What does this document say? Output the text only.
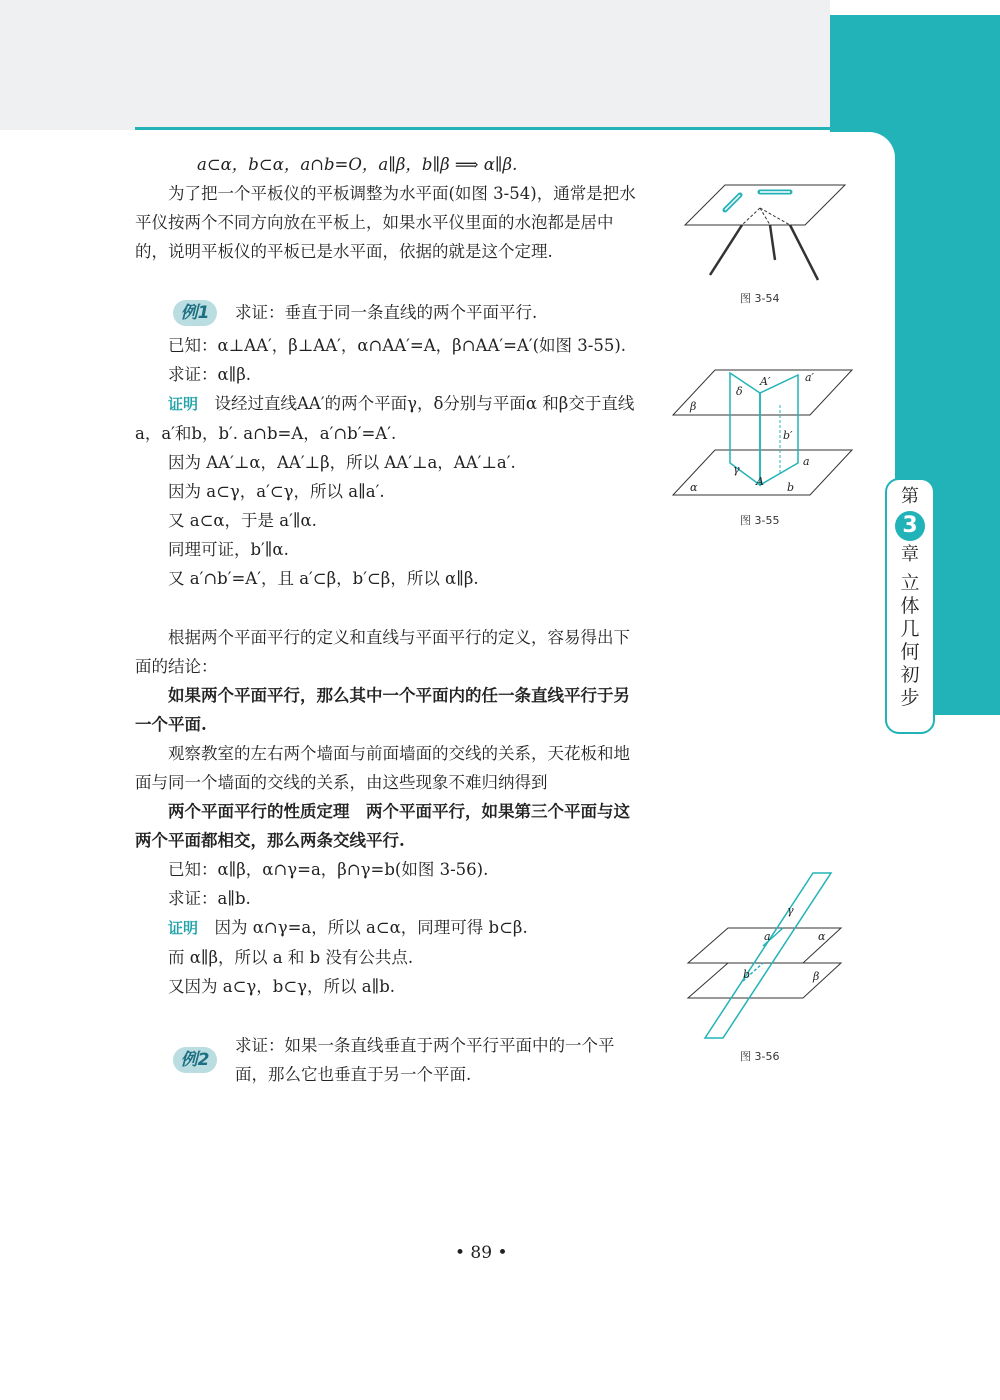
第
3
章
立
体
几
何
初
步

a⊂α，b⊂α，a∩b=O，a∥β，b∥β ⟹ α∥β.

为了把一个平板仪的平板调整为水平面(如图 3-54)，通常是把水平仪按两个不同方向放在平板上，如果水平仪里面的水泡都是居中的，说明平板仪的平板已是水平面，依据的就是这个定理.

例1	求证：垂直于同一条直线的两个平面平行.

已知：α⊥AA′，β⊥AA′，α∩AA′=A，β∩AA′=A′(如图 3-55).

求证：α∥β.

证明　 设经过直线AA′的两个平面γ，δ分别与平面α 和β交于直线 a，a′和b，b′. a∩b=A，a′∩b′=A′.

因为 AA′⊥α，AA′⊥β，所以 AA′⊥a，AA′⊥a′.

因为 a⊂γ，a′⊂γ，所以 a∥a′.

又 a⊂α，于是 a′∥α.

同理可证，b′∥α.

又 a′∩b′=A′，且 a′⊂β，b′⊂β，所以 α∥β.

根据两个平面平行的定义和直线与平面平行的定义，容易得出下面的结论：

如果两个平面平行，那么其中一个平面内的任一条直线平行于另一个平面.

观察教室的左右两个墙面与前面墙面的交线的关系，天花板和地面与同一个墙面的交线的关系，由这些现象不难归纳得到

两个平面平行的性质定理　两个平面平行，如果第三个平面与这两个平面都相交，那么两条交线平行.

已知：α∥β，α∩γ=a，β∩γ=b(如图 3-56).

求证：a∥b.

证明　 因为 α∩γ=a，所以 a⊂α，同理可得 b⊂β.

而 α∥β，所以 a 和 b 没有公共点.

又因为 a⊂γ，b⊂γ，所以 a∥b.

例2
求证：如果一条直线垂直于两个平行平面中的一个平面，那么它也垂直于另一个平面.
图 3-54
β
δ
A′	a′
b′
γ
a
A b
α
图 3-55
γ
a	α
b	β
图 3-56
• 89 •
